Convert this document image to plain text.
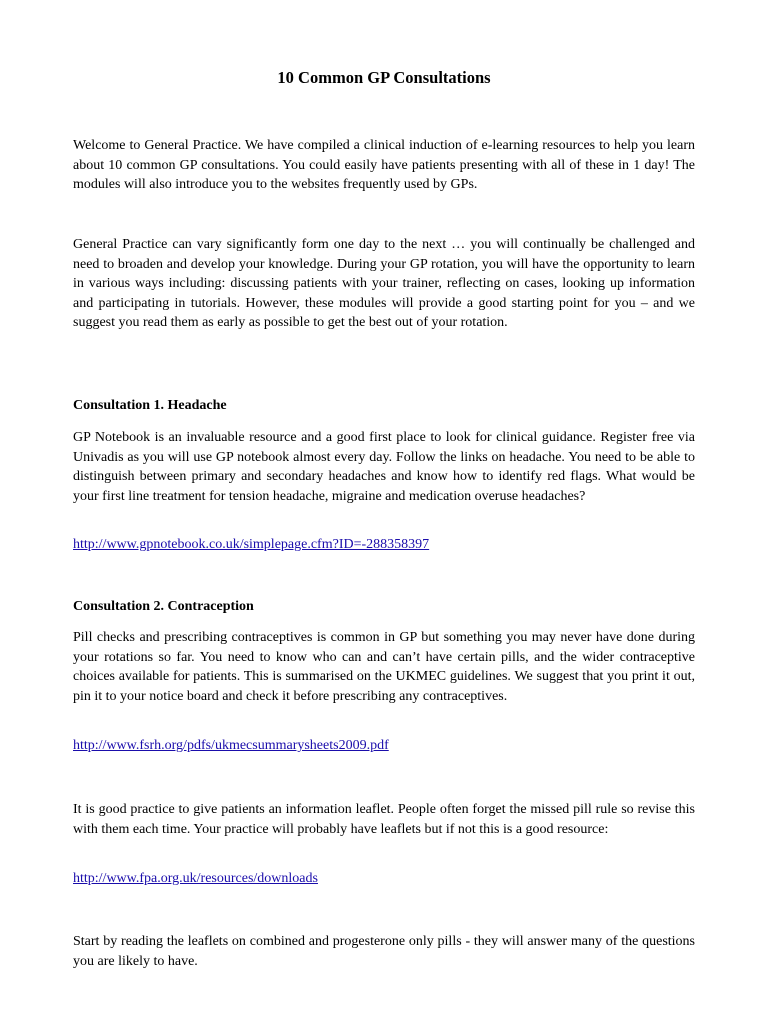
10 Common GP Consultations

Welcome to General Practice. We have compiled a clinical induction of e-learning resources to help you learn about 10 common GP consultations. You could easily have patients presenting with all of these in 1 day! The modules will also introduce you to the websites frequently used by GPs.

General Practice can vary significantly form one day to the next … you will continually be challenged and need to broaden and develop your knowledge. During your GP rotation, you will have the opportunity to learn in various ways including: discussing patients with your trainer, reflecting on cases, looking up information and participating in tutorials. However, these modules will provide a good starting point for you – and we suggest you read them as early as possible to get the best out of your rotation.

Consultation 1. Headache

GP Notebook is an invaluable resource and a good first place to look for clinical guidance. Register free via Univadis as you will use GP notebook almost every day. Follow the links on headache. You need to be able to distinguish between primary and secondary headaches and know how to identify red flags. What would be your first line treatment for tension headache, migraine and medication overuse headaches?

http://www.gpnotebook.co.uk/simplepage.cfm?ID=-288358397

Consultation 2. Contraception

Pill checks and prescribing contraceptives is common in GP but something you may never have done during your rotations so far. You need to know who can and can’t have certain pills, and the wider contraceptive choices available for patients. This is summarised on the UKMEC guidelines. We suggest that you print it out, pin it to your notice board and check it before prescribing any contraceptives.

http://www.fsrh.org/pdfs/ukmecsummarysheets2009.pdf

It is good practice to give patients an information leaflet. People often forget the missed pill rule so revise this with them each time. Your practice will probably have leaflets but if not this is a good resource:

http://www.fpa.org.uk/resources/downloads

Start by reading the leaflets on combined and progesterone only pills - they will answer many of the questions you are likely to have.
